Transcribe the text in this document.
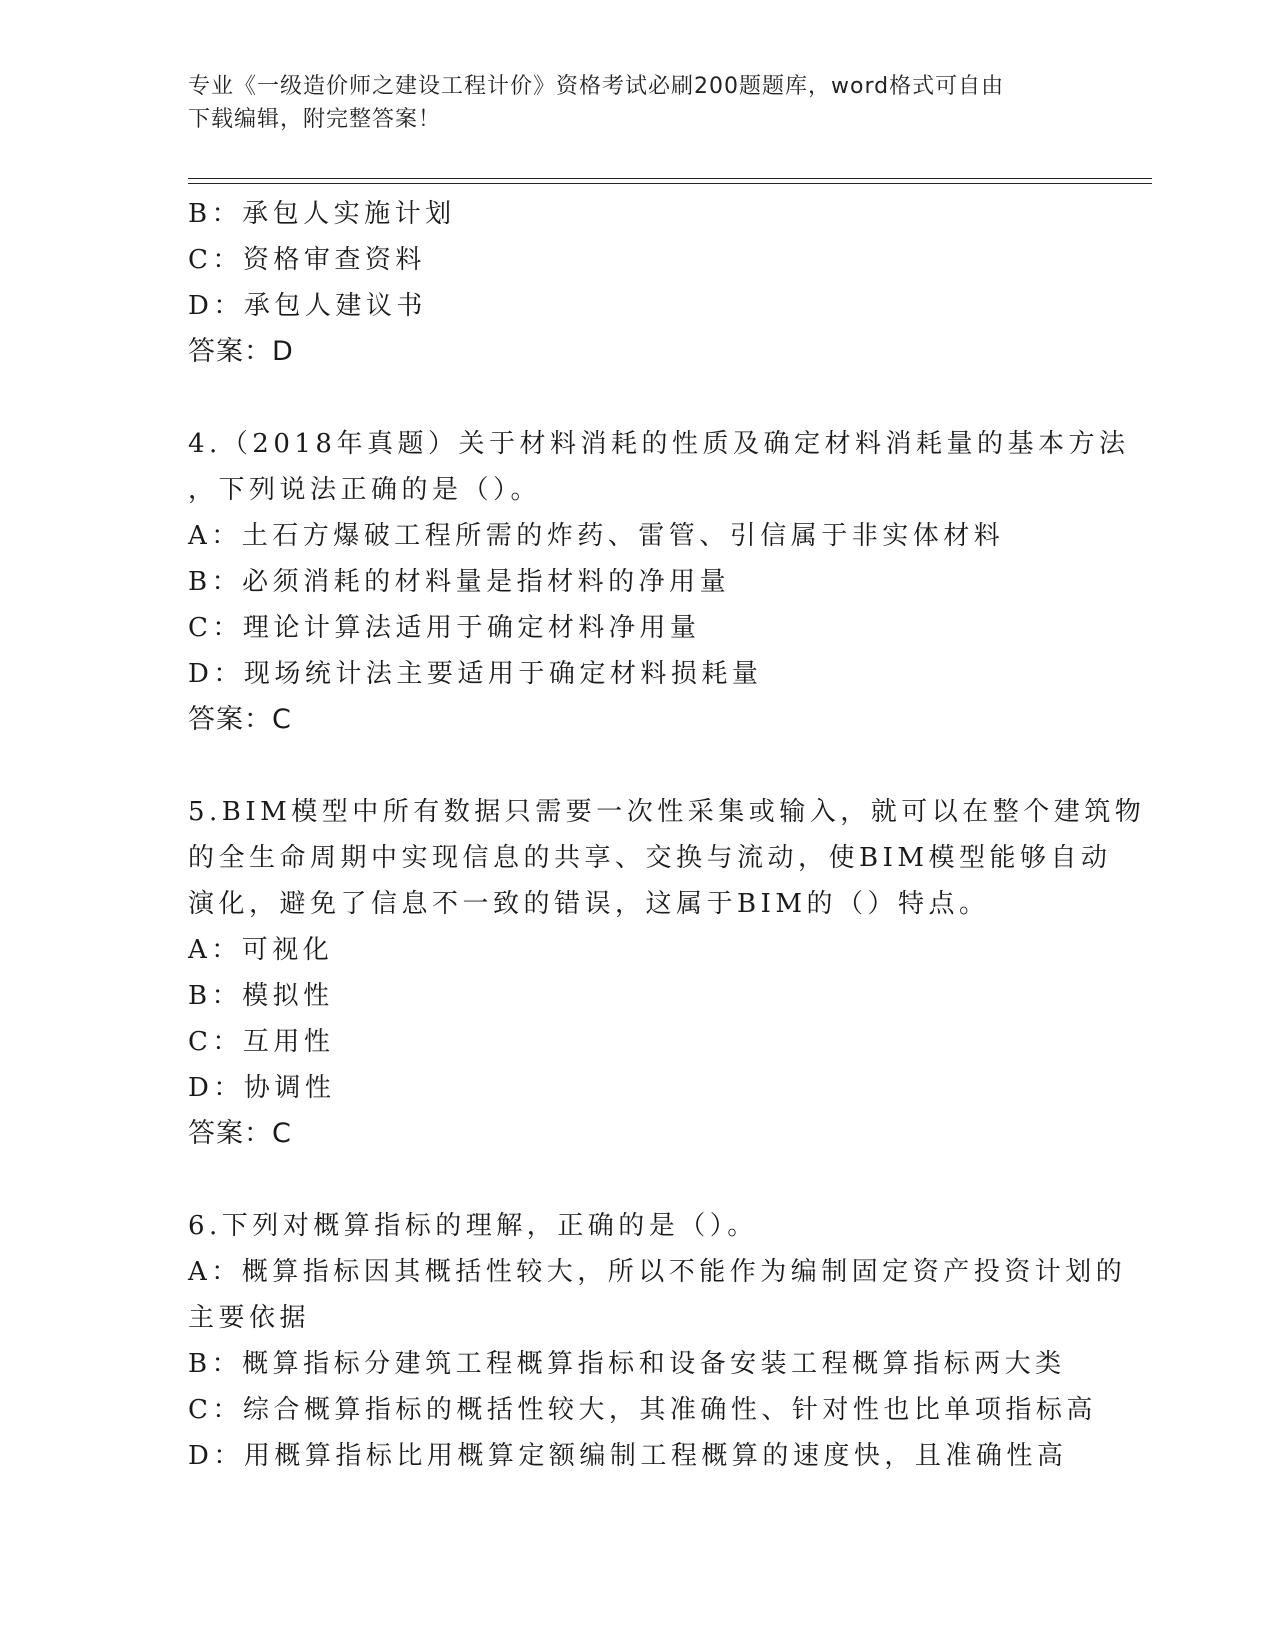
专业《一级造价师之建设工程计价》资格考试必刷200题题库，word格式可自由
下载编辑，附完整答案！
B：承包人实施计划
C：资格审查资料
D：承包人建议书
答案：D
4.（2018年真题）关于材料消耗的性质及确定材料消耗量的基本方法
，下列说法正确的是（）。
A：土石方爆破工程所需的炸药、雷管、引信属于非实体材料
B：必须消耗的材料量是指材料的净用量
C：理论计算法适用于确定材料净用量
D：现场统计法主要适用于确定材料损耗量
答案：C
5.BIM模型中所有数据只需要一次性采集或输入，就可以在整个建筑物
的全生命周期中实现信息的共享、交换与流动，使BIM模型能够自动
演化，避免了信息不一致的错误，这属于BIM的（）特点。
A：可视化
B：模拟性
C：互用性
D：协调性
答案：C
6.下列对概算指标的理解，正确的是（）。
A：概算指标因其概括性较大，所以不能作为编制固定资产投资计划的
主要依据
B：概算指标分建筑工程概算指标和设备安装工程概算指标两大类
C：综合概算指标的概括性较大，其准确性、针对性也比单项指标高
D：用概算指标比用概算定额编制工程概算的速度快，且准确性高
